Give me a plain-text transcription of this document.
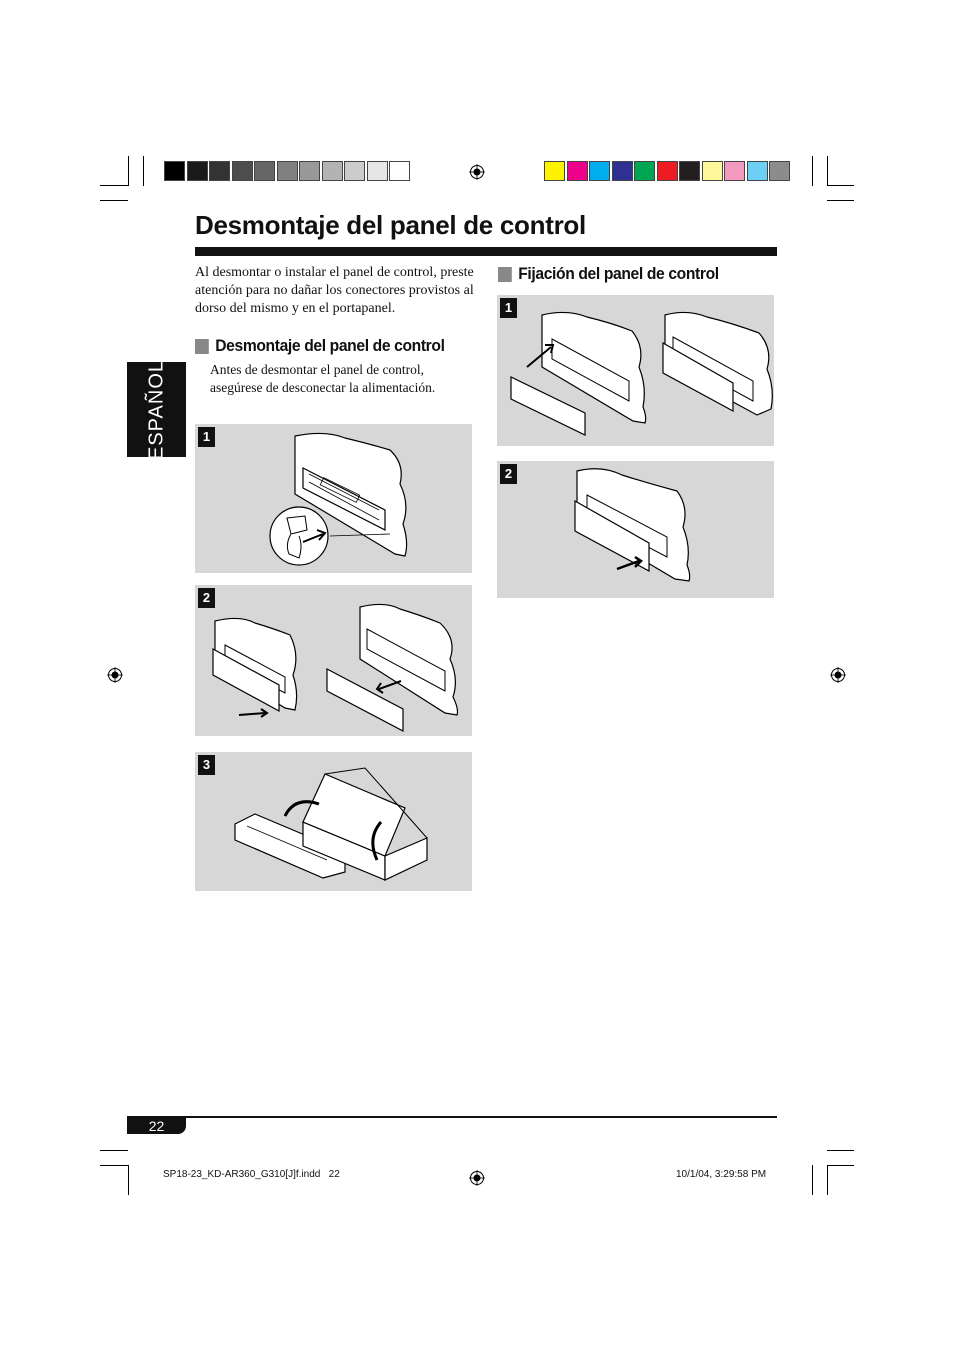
Desmontaje del panel de control
ESPAÑOL
Al desmontar o instalar el panel de control, preste atención para no dañar los conectores provistos al dorso del mismo y en el portapanel.
Desmontaje del panel de control
Antes de desmontar el panel de control, asegúrese de desconectar la alimentación.
1
2
3
Fijación del panel de control
1
2
22
SP18-23_KD-AR360_G310[J]f.indd   22	10/1/04, 3:29:58 PM
